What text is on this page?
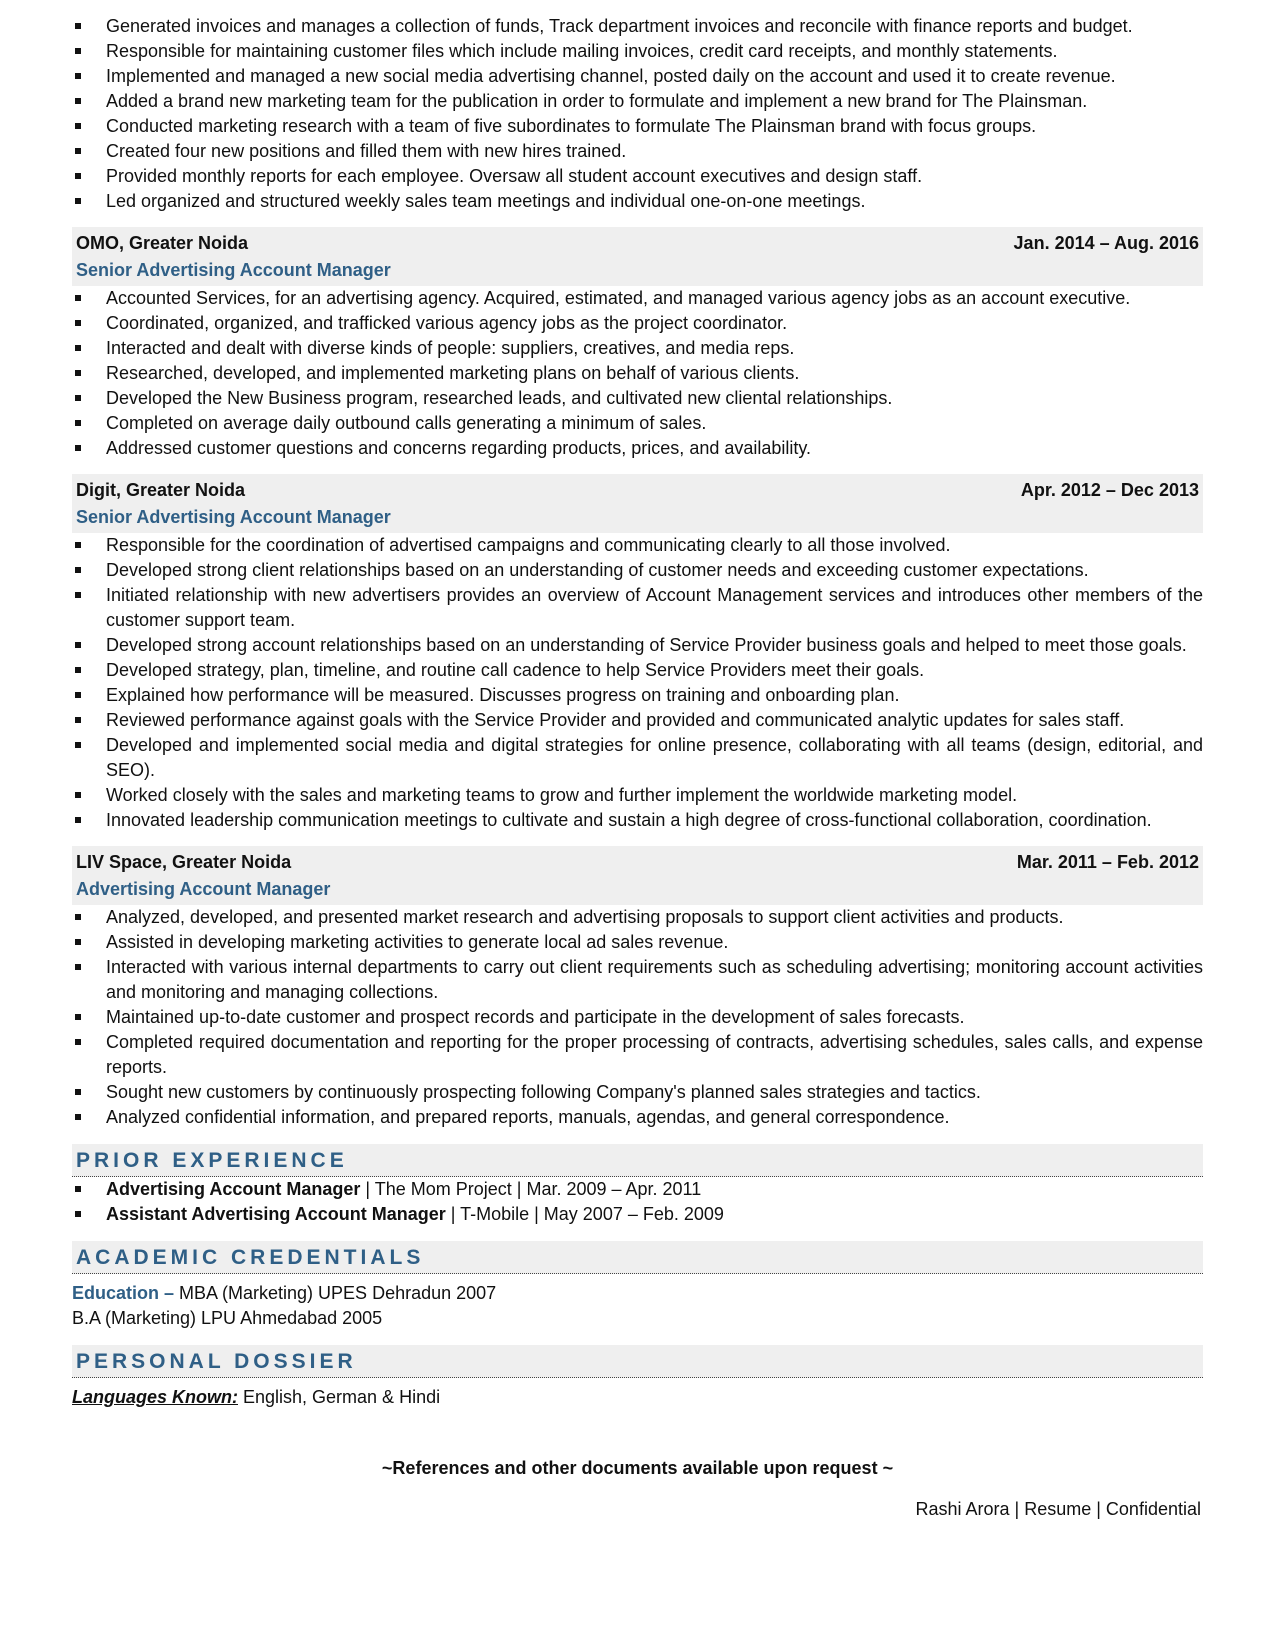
Generated invoices and manages a collection of funds, Track department invoices and reconcile with finance reports and budget.
Responsible for maintaining customer files which include mailing invoices, credit card receipts, and monthly statements.
Implemented and managed a new social media advertising channel, posted daily on the account and used it to create revenue.
Added a brand new marketing team for the publication in order to formulate and implement a new brand for The Plainsman.
Conducted marketing research with a team of five subordinates to formulate The Plainsman brand with focus groups.
Created four new positions and filled them with new hires trained.
Provided monthly reports for each employee. Oversaw all student account executives and design staff.
Led organized and structured weekly sales team meetings and individual one-on-one meetings.
OMO, Greater Noida	Jan. 2014 – Aug. 2016
Senior Advertising Account Manager
Accounted Services, for an advertising agency. Acquired, estimated, and managed various agency jobs as an account executive.
Coordinated, organized, and trafficked various agency jobs as the project coordinator.
Interacted and dealt with diverse kinds of people: suppliers, creatives, and media reps.
Researched, developed, and implemented marketing plans on behalf of various clients.
Developed the New Business program, researched leads, and cultivated new cliental relationships.
Completed on average daily outbound calls generating a minimum of sales.
Addressed customer questions and concerns regarding products, prices, and availability.
Digit, Greater Noida	Apr. 2012 – Dec 2013
Senior Advertising Account Manager
Responsible for the coordination of advertised campaigns and communicating clearly to all those involved.
Developed strong client relationships based on an understanding of customer needs and exceeding customer expectations.
Initiated relationship with new advertisers provides an overview of Account Management services and introduces other members of the customer support team.
Developed strong account relationships based on an understanding of Service Provider business goals and helped to meet those goals.
Developed strategy, plan, timeline, and routine call cadence to help Service Providers meet their goals.
Explained how performance will be measured. Discusses progress on training and onboarding plan.
Reviewed performance against goals with the Service Provider and provided and communicated analytic updates for sales staff.
Developed and implemented social media and digital strategies for online presence, collaborating with all teams (design, editorial, and SEO).
Worked closely with the sales and marketing teams to grow and further implement the worldwide marketing model.
Innovated leadership communication meetings to cultivate and sustain a high degree of cross-functional collaboration, coordination.
LIV Space, Greater Noida	Mar. 2011 – Feb. 2012
Advertising Account Manager
Analyzed, developed, and presented market research and advertising proposals to support client activities and products.
Assisted in developing marketing activities to generate local ad sales revenue.
Interacted with various internal departments to carry out client requirements such as scheduling advertising; monitoring account activities and monitoring and managing collections.
Maintained up-to-date customer and prospect records and participate in the development of sales forecasts.
Completed required documentation and reporting for the proper processing of contracts, advertising schedules, sales calls, and expense reports.
Sought new customers by continuously prospecting following Company's planned sales strategies and tactics.
Analyzed confidential information, and prepared reports, manuals, agendas, and general correspondence.
PRIOR EXPERIENCE
Advertising Account Manager | The Mom Project | Mar. 2009 – Apr. 2011
Assistant Advertising Account Manager | T-Mobile | May 2007 – Feb. 2009
ACADEMIC CREDENTIALS
Education – MBA (Marketing) UPES Dehradun 2007
B.A (Marketing) LPU Ahmedabad 2005
PERSONAL DOSSIER
Languages Known: English, German & Hindi
~References and other documents available upon request ~
Rashi Arora | Resume | Confidential
